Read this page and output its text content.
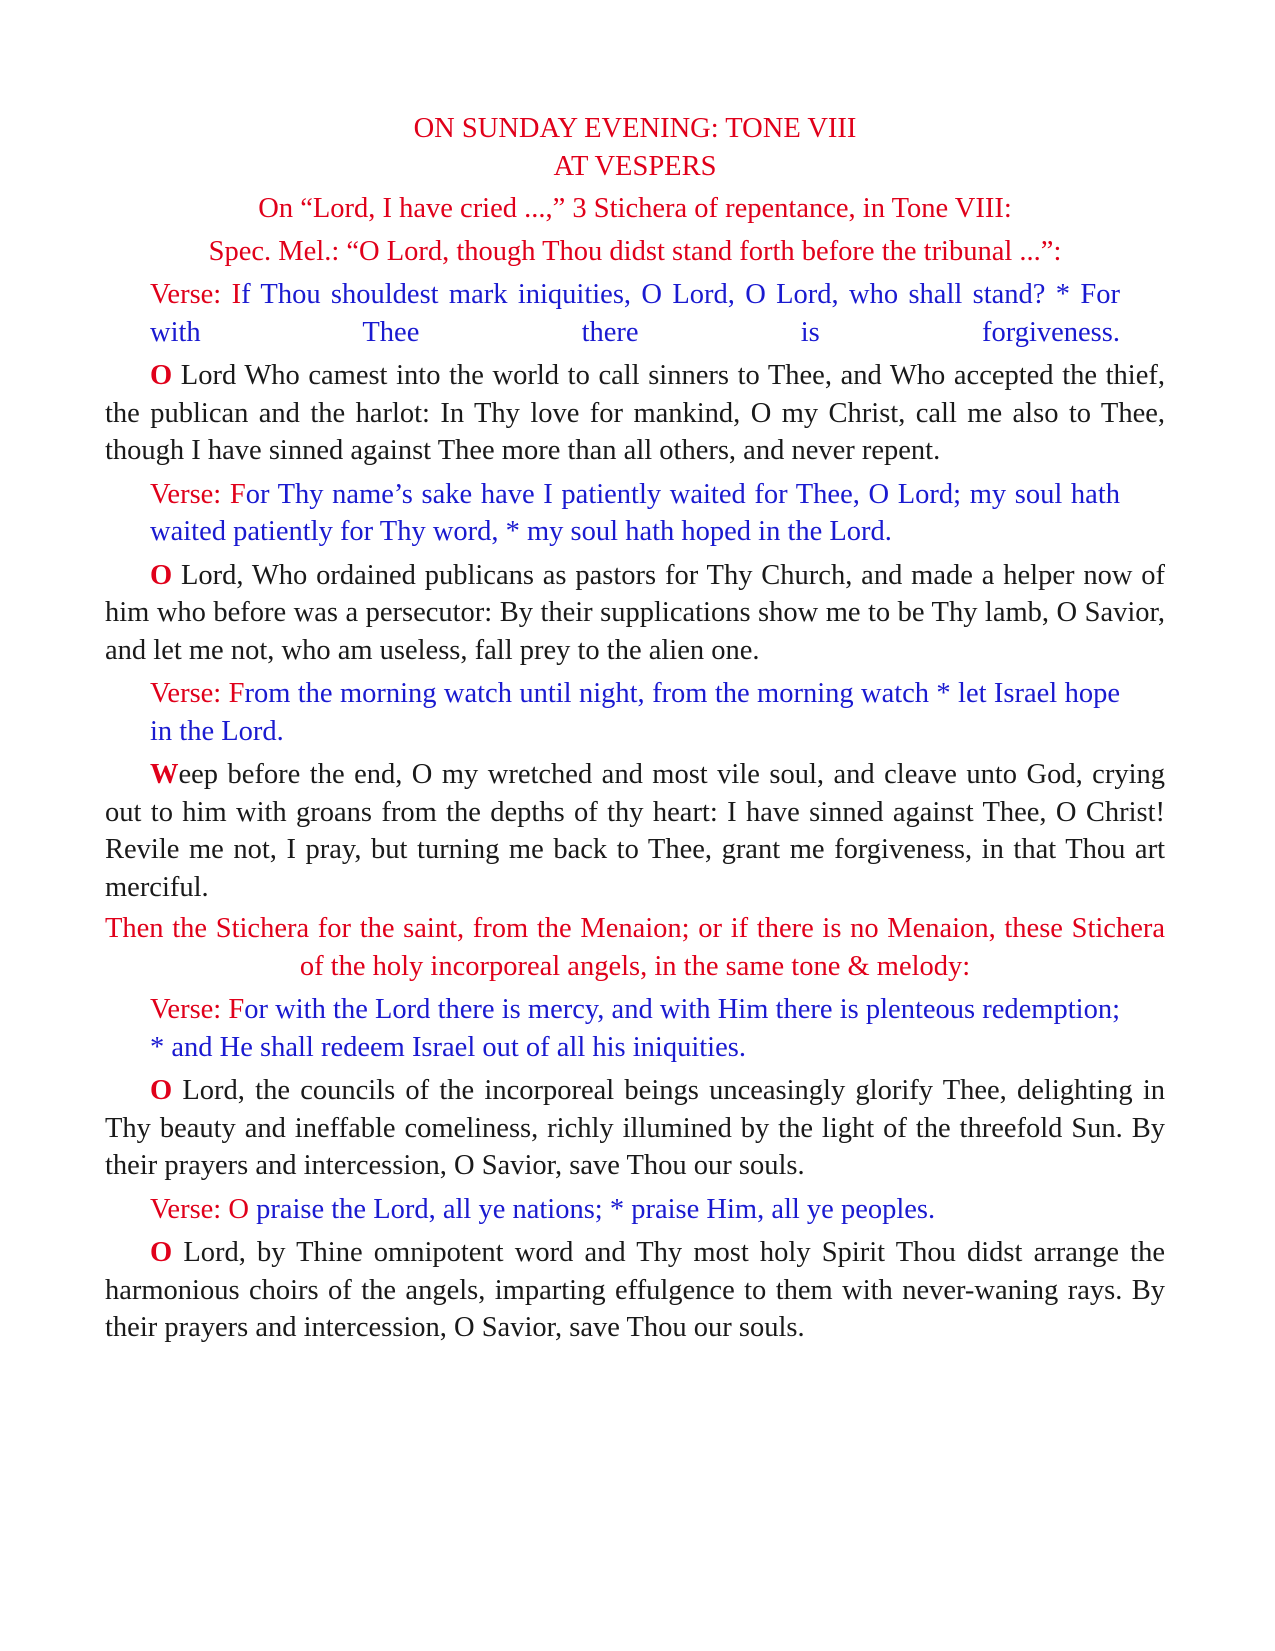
ON SUNDAY EVENING: TONE VIII
AT VESPERS
On “Lord, I have cried ...,” 3 Stichera of repentance, in Tone VIII:
Spec. Mel.: “O Lord, though Thou didst stand forth before the tribunal ...”:
Verse: If Thou shouldest mark iniquities, O Lord, O Lord, who shall stand? * For with Thee there is forgiveness.
O Lord Who camest into the world to call sinners to Thee, and Who accepted the thief, the publican and the harlot: In Thy love for mankind, O my Christ, call me also to Thee, though I have sinned against Thee more than all others, and never repent.
Verse: For Thy name’s sake have I patiently waited for Thee, O Lord; my soul hath waited patiently for Thy word, * my soul hath hoped in the Lord.
O Lord, Who ordained publicans as pastors for Thy Church, and made a helper now of him who before was a persecutor: By their supplications show me to be Thy lamb, O Savior, and let me not, who am useless, fall prey to the alien one.
Verse: From the morning watch until night, from the morning watch * let Israel hope in the Lord.
Weep before the end, O my wretched and most vile soul, and cleave unto God, crying out to him with groans from the depths of thy heart: I have sinned against Thee, O Christ! Revile me not, I pray, but turning me back to Thee, grant me forgiveness, in that Thou art merciful.
Then the Stichera for the saint, from the Menaion; or if there is no Menaion, these Stichera of the holy incorporeal angels, in the same tone & melody:
Verse: For with the Lord there is mercy, and with Him there is plenteous redemption; * and He shall redeem Israel out of all his iniquities.
O Lord, the councils of the incorporeal beings unceasingly glorify Thee, delighting in Thy beauty and ineffable comeliness, richly illumined by the light of the threefold Sun. By their prayers and intercession, O Savior, save Thou our souls.
Verse: O praise the Lord, all ye nations; * praise Him, all ye peoples.
O Lord, by Thine omnipotent word and Thy most holy Spirit Thou didst arrange the harmonious choirs of the angels, imparting effulgence to them with never-waning rays. By their prayers and intercession, O Savior, save Thou our souls.
